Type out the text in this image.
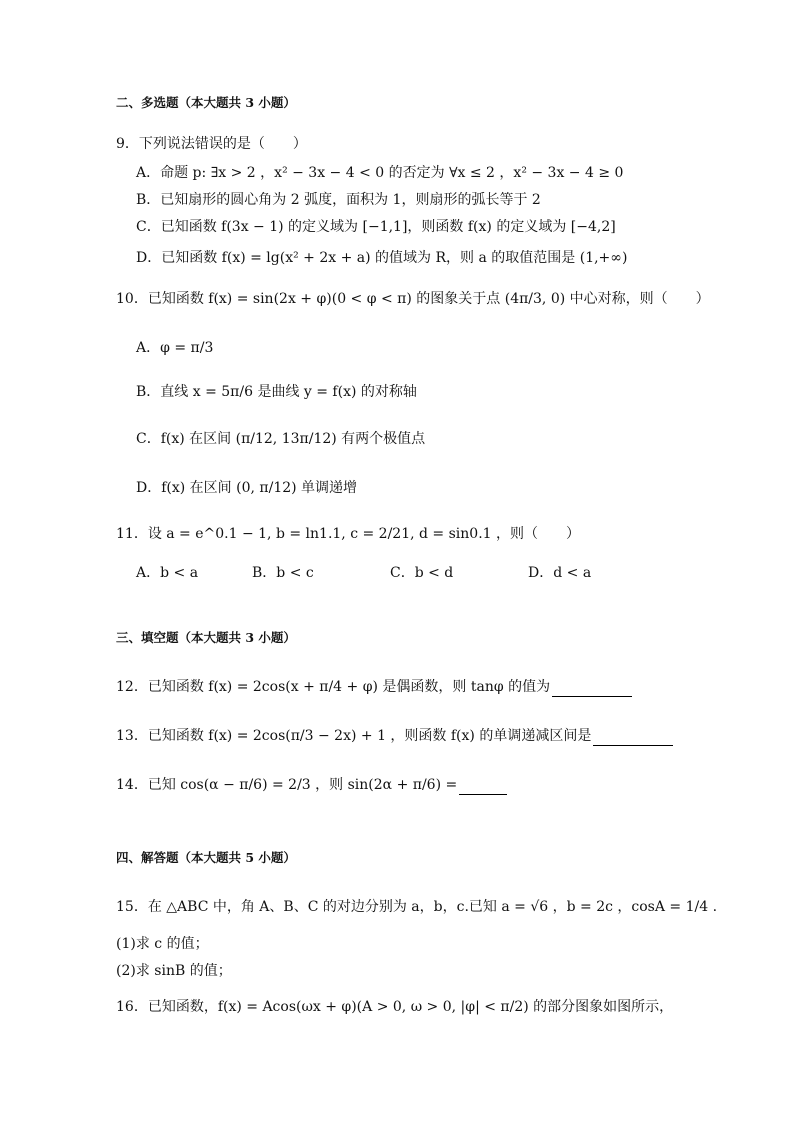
二、多选题（本大题共 3 小题）
9．下列说法错误的是（　　）
A．命题 p: ∃x > 2 ，x² − 3x − 4 < 0 的否定为 ∀x ≤ 2 ，x² − 3x − 4 ≥ 0
B．已知扇形的圆心角为 2 弧度，面积为 1，则扇形的弧长等于 2
C．已知函数 f(3x − 1) 的定义域为 [−1,1]，则函数 f(x) 的定义域为 [−4,2]
D．已知函数 f(x) = lg(x² + 2x + a) 的值域为 R，则 a 的取值范围是 (1,+∞)
10．已知函数 f(x) = sin(2x + φ)(0 < φ < π) 的图象关于点 (4π/3, 0) 中心对称，则（　　）
A．φ = π/3
B．直线 x = 5π/6 是曲线 y = f(x) 的对称轴
C．f(x) 在区间 (π/12, 13π/12) 有两个极值点
D．f(x) 在区间 (0, π/12) 单调递增
11．设 a = e^0.1 − 1, b = ln1.1, c = 2/21, d = sin0.1 ，则（　　）
A．b < a	B．b < c	C．b < d	D．d < a
三、填空题（本大题共 3 小题）
12．已知函数 f(x) = 2cos(x + π/4 + φ) 是偶函数，则 tanφ 的值为
13．已知函数 f(x) = 2cos(π/3 − 2x) + 1 ，则函数 f(x) 的单调递减区间是
14．已知 cos(α − π/6) = 2/3 ，则 sin(2α + π/6) =
四、解答题（本大题共 5 小题）
15．在 △ABC 中，角 A、B、C 的对边分别为 a，b，c.已知 a = √6 ，b = 2c ，cosA = 1/4 .
(1)求 c 的值；
(2)求 sinB 的值；
16．已知函数，f(x) = Acos(ωx + φ)(A > 0, ω > 0, |φ| < π/2) 的部分图象如图所示，
